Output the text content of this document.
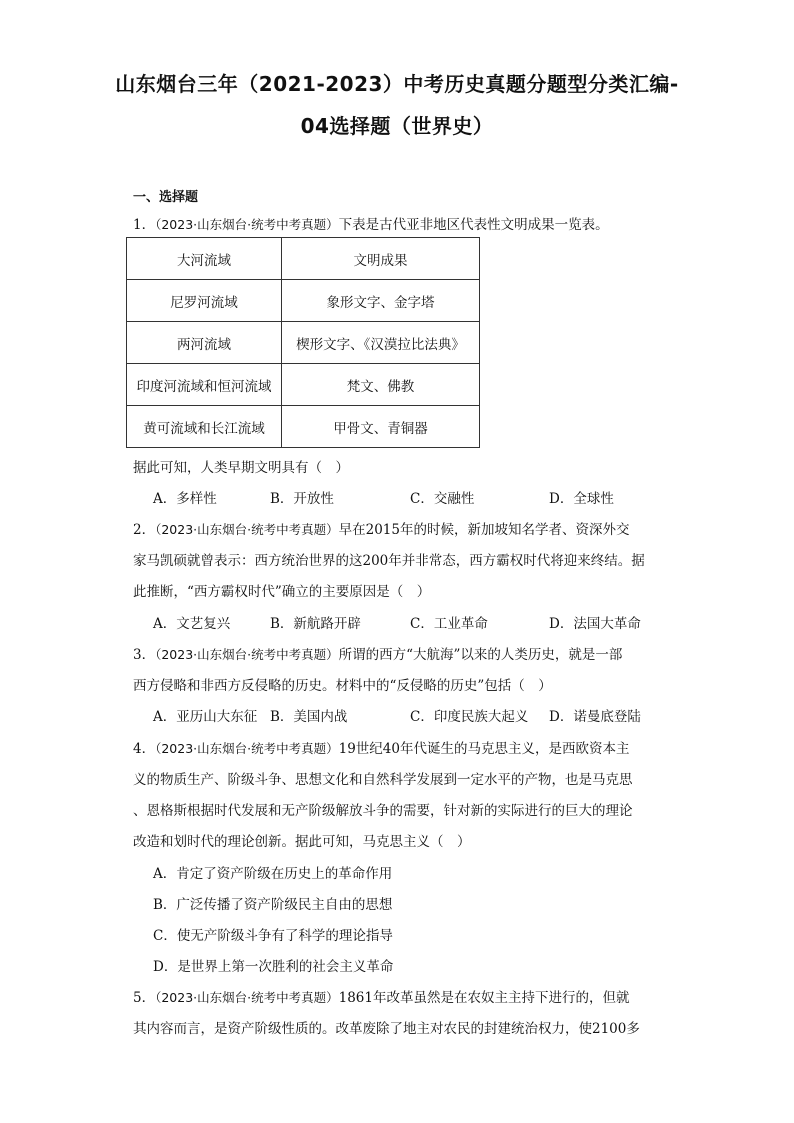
山东烟台三年（2021-2023）中考历史真题分题型分类汇编-
04选择题（世界史）
一、选择题
1．（2023·山东烟台·统考中考真题）下表是古代亚非地区代表性文明成果一览表。
大河流域	文明成果
尼罗河流域	象形文字、金字塔
两河流域	楔形文字、《汉漠拉比法典》
印度河流域和恒河流域	梵文、佛教
黄可流域和长江流域	甲骨文、青铜器
据此可知，人类早期文明具有（　）
A．多样性	B．开放性	C．交融性	D．全球性
2．（2023·山东烟台·统考中考真题）早在2015年的时候，新加坡知名学者、资深外交
家马凯硕就曾表示：西方统治世界的这200年并非常态，西方霸权时代将迎来终结。据
此推断，“西方霸权时代”确立的主要原因是（　）
A．文艺复兴	B．新航路开辟	C．工业革命	D．法国大革命
3．（2023·山东烟台·统考中考真题）所谓的西方“大航海”以来的人类历史，就是一部
西方侵略和非西方反侵略的历史。材料中的“反侵略的历史”包括（　）
A．亚历山大东征 B．美国内战	C．印度民族大起义 D．诺曼底登陆
4．（2023·山东烟台·统考中考真题）19世纪40年代诞生的马克思主义，是西欧资本主
义的物质生产、阶级斗争、思想文化和自然科学发展到一定水平的产物，也是马克思
、恩格斯根据时代发展和无产阶级解放斗争的需要，针对新的实际进行的巨大的理论
改造和划时代的理论创新。据此可知，马克思主义（　）
A．肯定了资产阶级在历史上的革命作用
B．广泛传播了资产阶级民主自由的思想
C．使无产阶级斗争有了科学的理论指导
D．是世界上第一次胜利的社会主义革命
5．（2023·山东烟台·统考中考真题）1861年改革虽然是在农奴主主持下进行的，但就
其内容而言，是资产阶级性质的。改革废除了地主对农民的封建统治权力，使2100多
